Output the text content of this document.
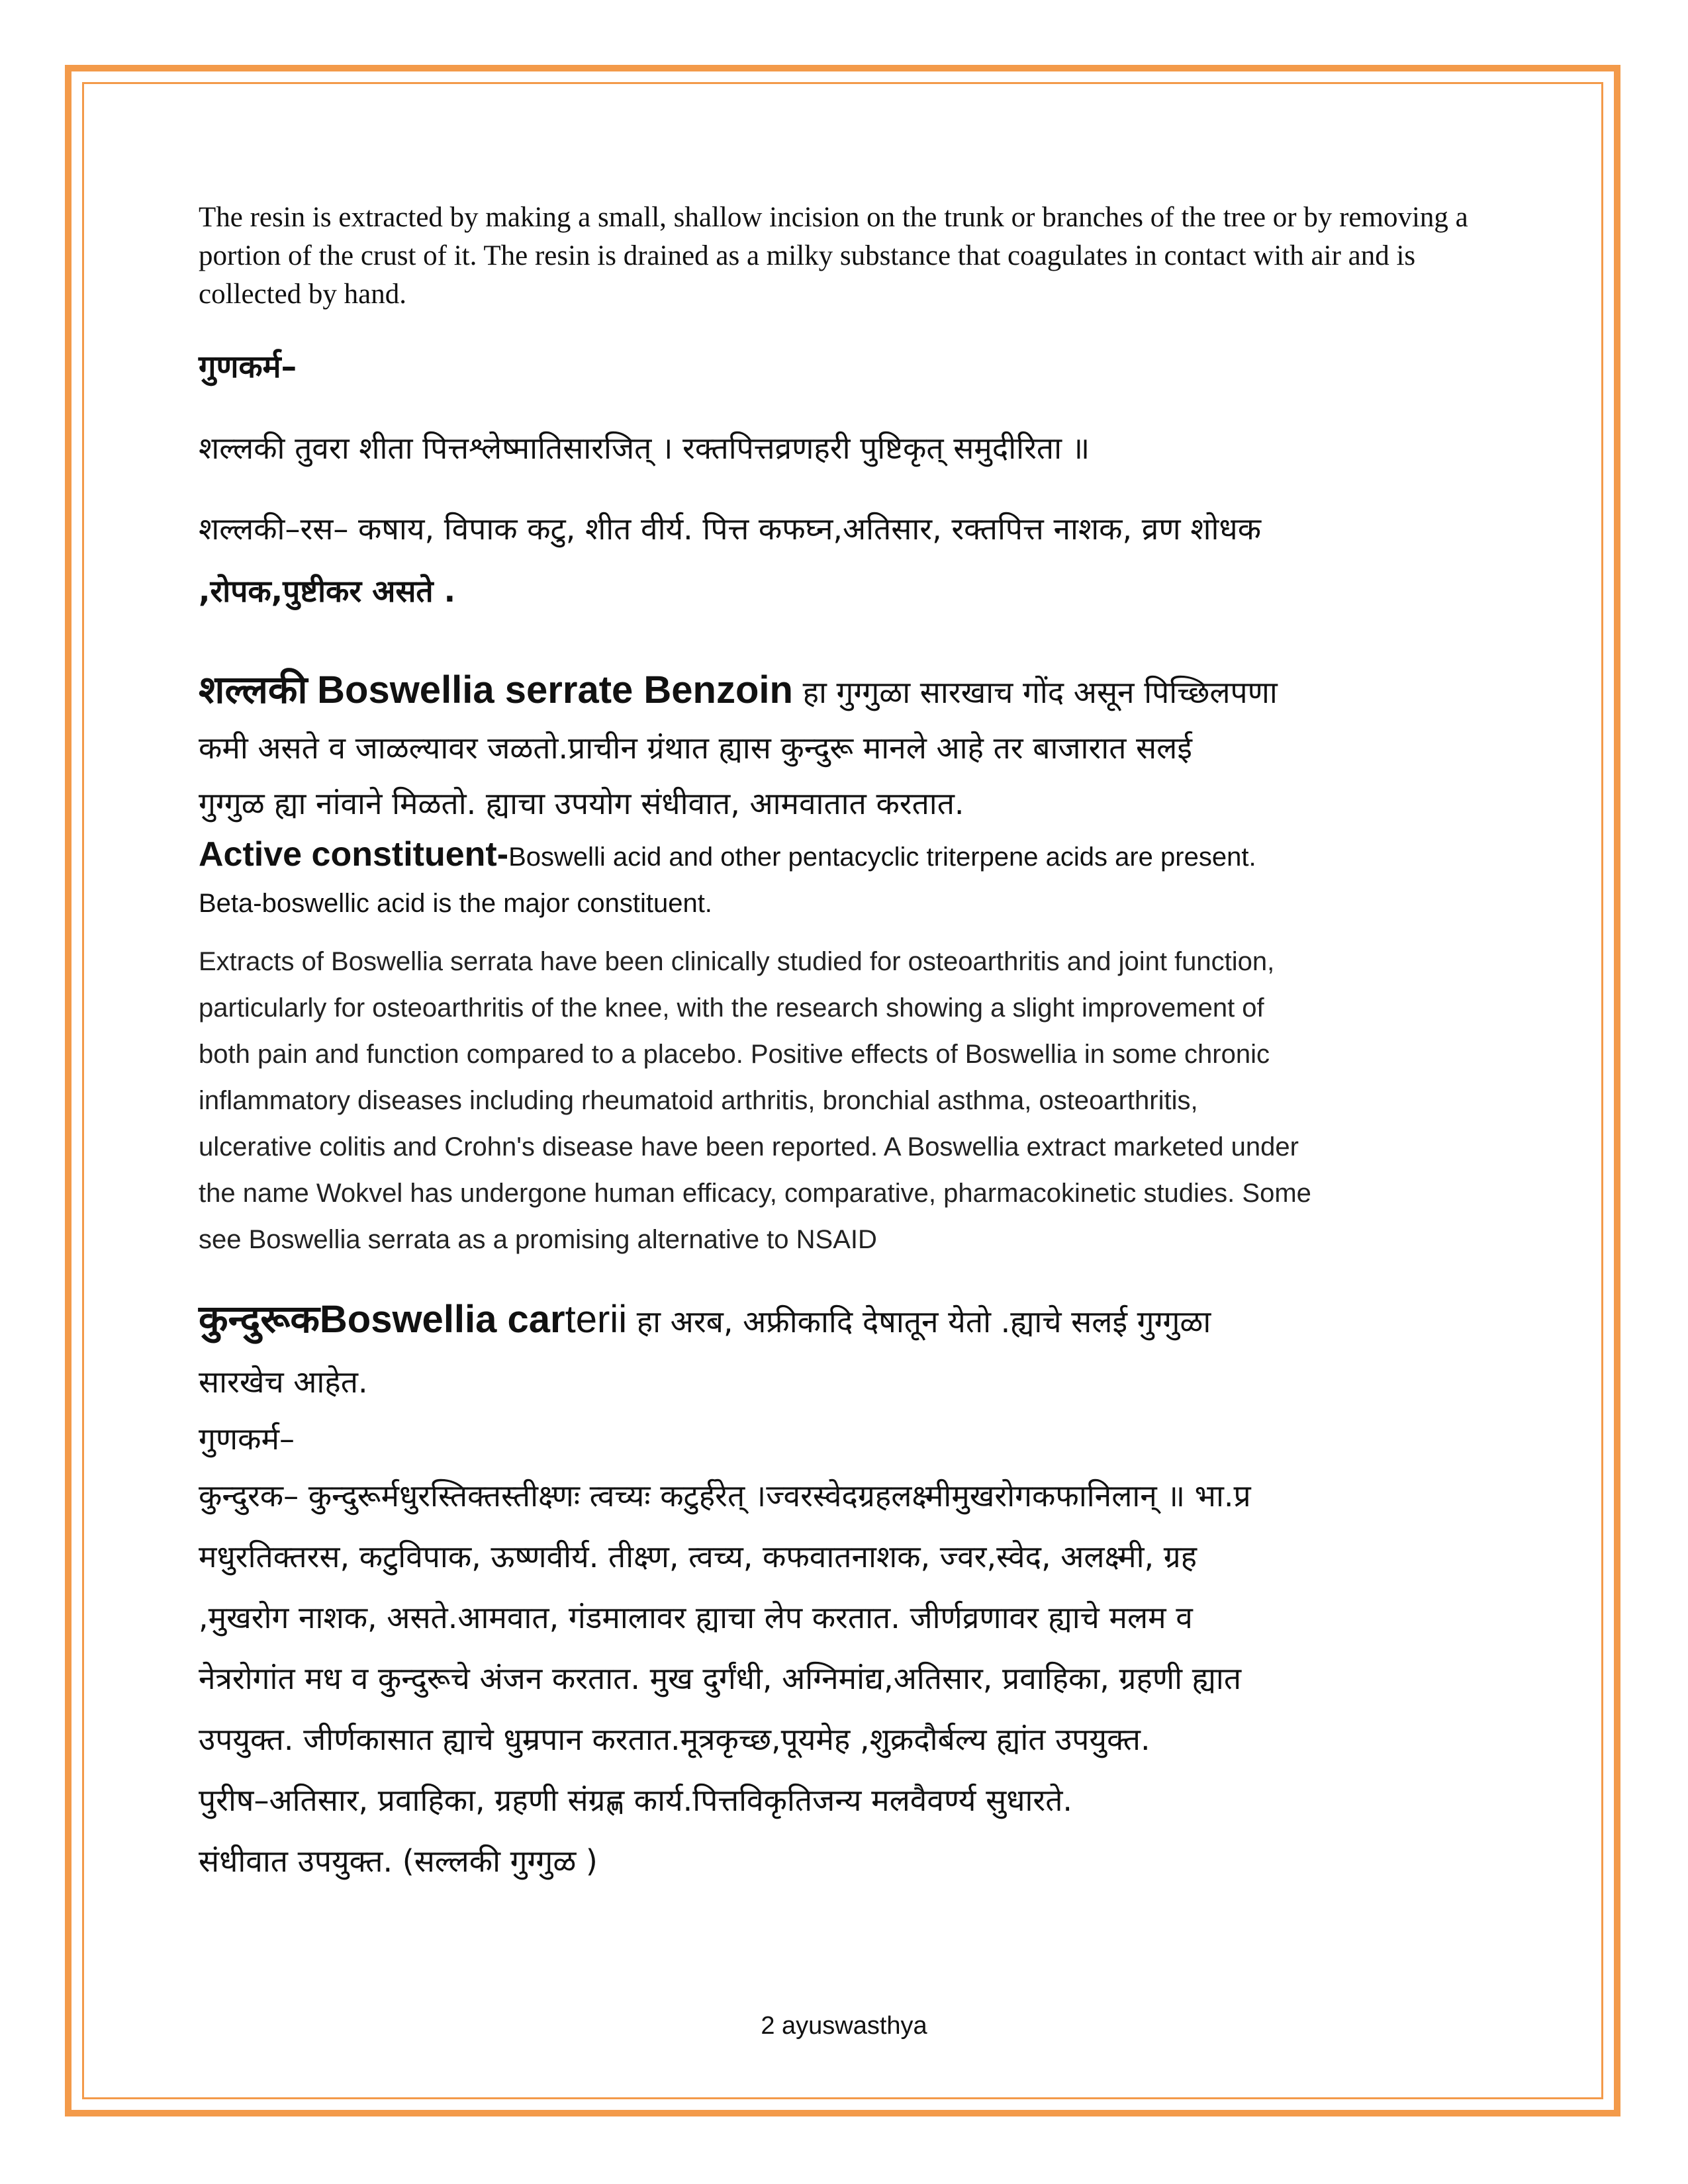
The resin is extracted by making a small, shallow incision on the trunk or branches of the tree or by removing a portion of the crust of it. The resin is drained as a milky substance that coagulates in contact with air and is collected by hand.

गुणकर्म–

शल्लकी तुवरा शीता पित्तश्लेष्मातिसारजित् । रक्तपित्तव्रणहरी पुष्टिकृत् समुदीरिता ॥

शल्लकी–रस– कषाय, विपाक कटु, शीत वीर्य. पित्त कफघ्न,अतिसार, रक्तपित्त नाशक, व्रण शोधक

,रोपक,पुष्टीकर असते .

शल्लकी Boswellia serrate Benzoin हा गुग्गुळा सारखाच गोंद असून पिच्छिलपणा

कमी असते व जाळल्यावर जळतो.प्राचीन ग्रंथात ह्यास कुन्दुरू मानले आहे तर बाजारात सलई

गुग्गुळ ह्या नांवाने मिळतो. ह्याचा उपयोग संधीवात, आमवातात करतात.

Active constituent-Boswelli acid and other pentacyclic triterpene acids are present.

Beta-boswellic acid is the major constituent.

Extracts of Boswellia serrata have been clinically studied for osteoarthritis and joint function,

particularly for osteoarthritis of the knee, with the research showing a slight improvement of

both pain and function compared to a placebo. Positive effects of Boswellia in some chronic

inflammatory diseases including rheumatoid arthritis, bronchial asthma, osteoarthritis,

ulcerative colitis and Crohn's disease have been reported. A Boswellia extract marketed under

the name Wokvel has undergone human efficacy, comparative, pharmacokinetic studies. Some

see Boswellia serrata as a promising alternative to NSAID

कुन्दुरूकBoswellia carterii हा अरब, अफ्रीकादि देषातून येतो .ह्याचे सलई गुग्गुळा

सारखेच आहेत.

गुणकर्म–

कुन्दुरक– कुन्दुरूर्मधुरस्तिक्तस्तीक्ष्णः त्वच्यः कटुर्हरेत् ।ज्वरस्वेदग्रहलक्ष्मीमुखरोगकफानिलान् ॥ भा.प्र

मधुरतिक्तरस, कटुविपाक, ऊष्णवीर्य. तीक्ष्ण, त्वच्य, कफवातनाशक, ज्वर,स्वेद, अलक्ष्मी, ग्रह

,मुखरोग नाशक, असते.आमवात, गंडमालावर ह्याचा लेप करतात. जीर्णव्रणावर ह्याचे मलम व

नेत्ररोगांत मध व कुन्दुरूचे अंजन करतात. मुख दुर्गंधी, अग्निमांद्य,अतिसार, प्रवाहिका, ग्रहणी ह्यात

उपयुक्त. जीर्णकासात ह्याचे धुम्रपान करतात.मूत्रकृच्छ,पूयमेह ,शुक्रदौर्बल्य ह्यांत उपयुक्त.

पुरीष–अतिसार, प्रवाहिका, ग्रहणी संग्रह्ण कार्य.पित्तविकृतिजन्य मलवैवर्ण्य सुधारते.

संधीवात उपयुक्त. (सल्लकी गुग्गुळ )

2 ayuswasthya
